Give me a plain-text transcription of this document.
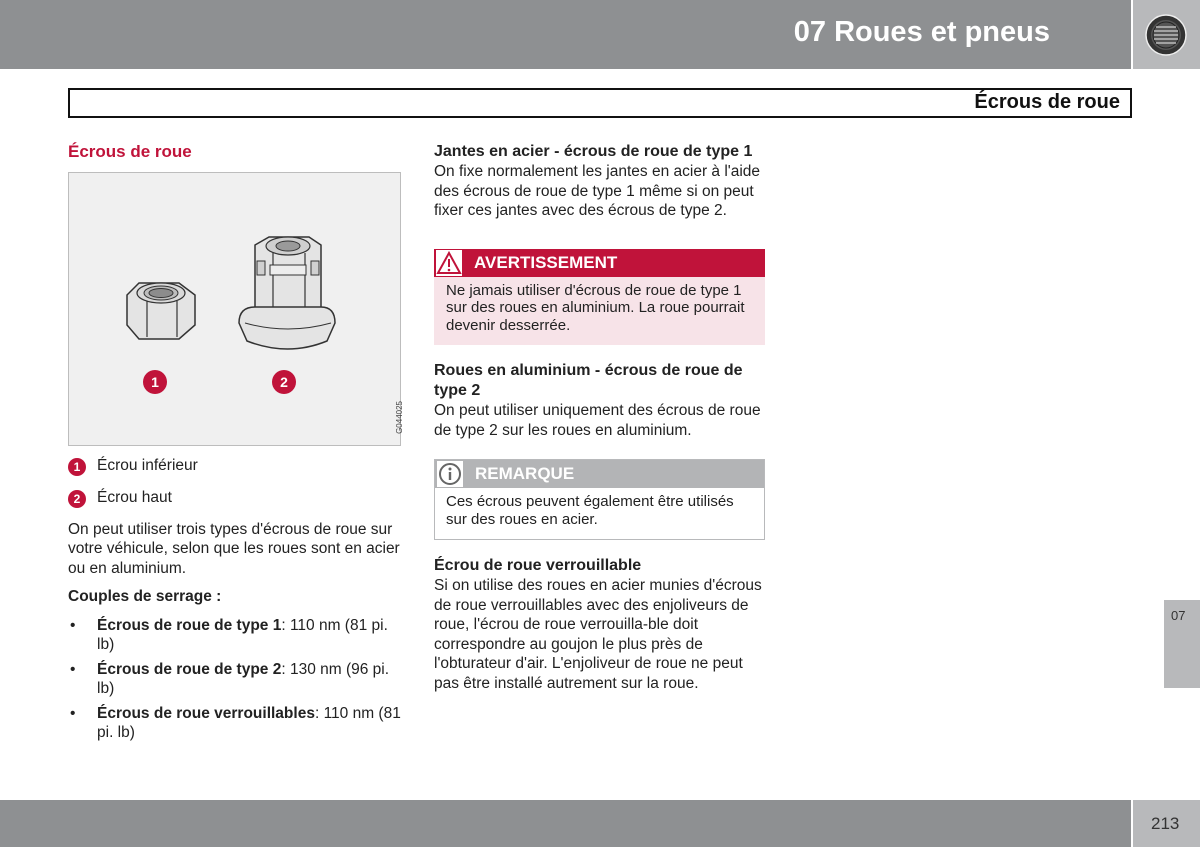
07 Roues et pneus
Écrous de roue
Écrous de roue
1	2
G044025
1	Écrou inférieur
2	Écrou haut

On peut utiliser trois types d'écrous de roue sur votre véhicule, selon que les roues sont en acier ou en aluminium.

Couples de serrage :

• Écrous de roue de type 1: 110 nm (81 pi. lb)
• Écrous de roue de type 2: 130 nm (96 pi. lb)
• Écrous de roue verrouillables: 110 nm (81 pi. lb)
Jantes en acier - écrous de roue de type 1

On fixe normalement les jantes en acier à l'aide des écrous de roue de type 1 même si on peut fixer ces jantes avec des écrous de type 2.

AVERTISSEMENT
Ne jamais utiliser d'écrous de roue de type 1 sur des roues en aluminium. La roue pourrait devenir desserrée.
Roues en aluminium - écrous de roue de type 2

On peut utiliser uniquement des écrous de roue de type 2 sur les roues en aluminium.

REMARQUE
Ces écrous peuvent également être utilisés sur des roues en acier.
Écrou de roue verrouillable

Si on utilise des roues en acier munies d'écrous de roue verrouillables avec des enjoliveurs de roue, l'écrou de roue verrouilla-ble doit correspondre au goujon le plus près de l'obturateur d'air. L'enjoliveur de roue ne peut pas être installé autrement sur la roue.

07
213
